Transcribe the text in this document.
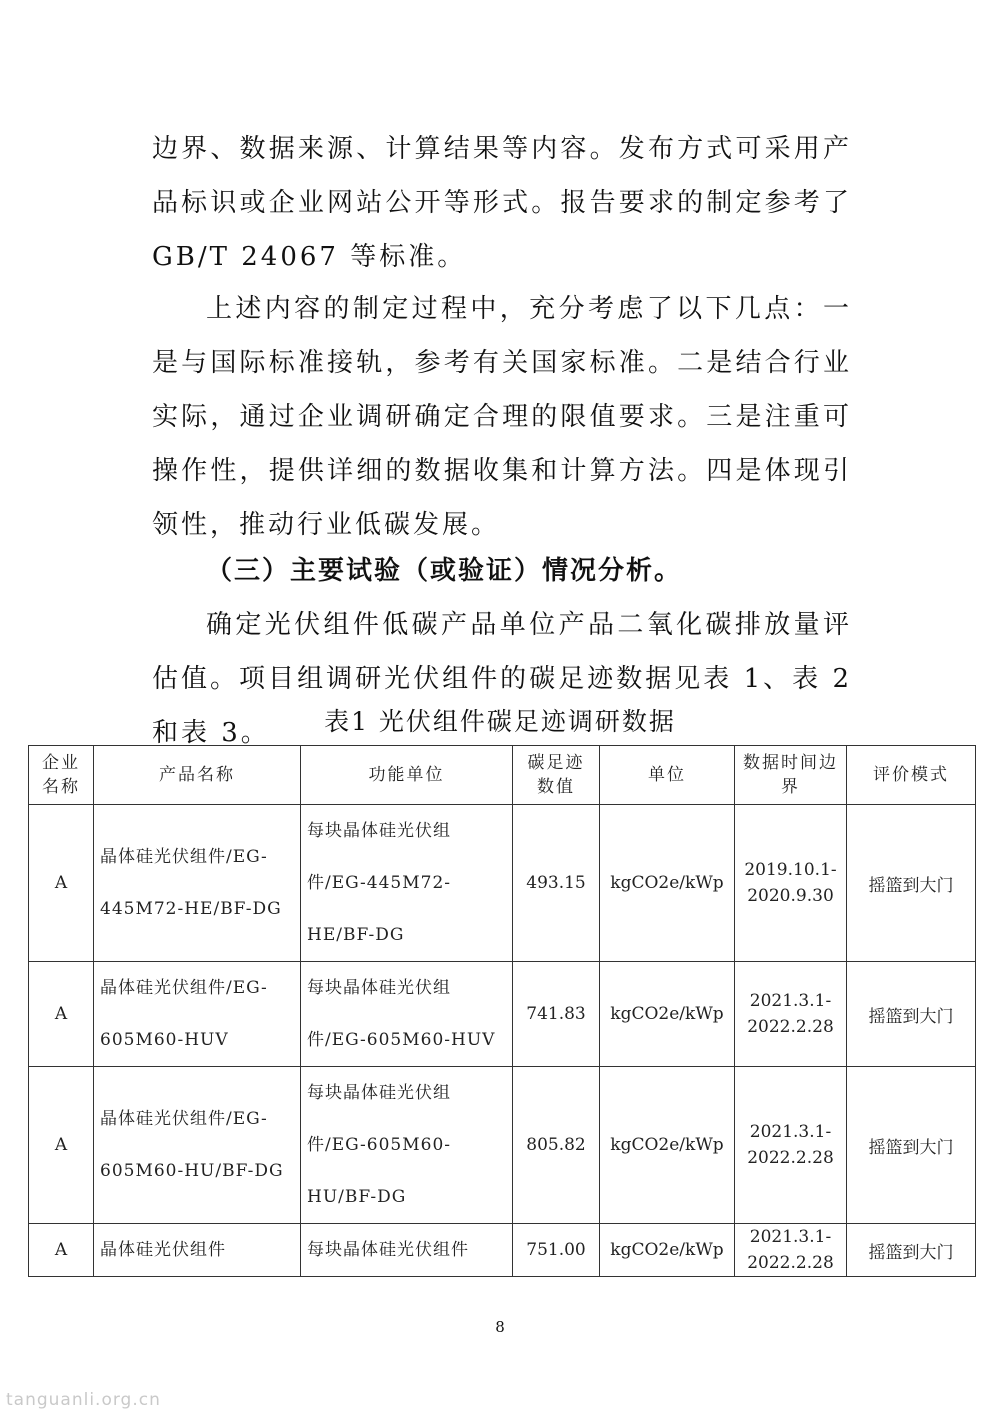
边界、数据来源、计算结果等内容。发布方式可采用产品标识或企业网站公开等形式。报告要求的制定参考了 GB/T 24067 等标准。

上述内容的制定过程中，充分考虑了以下几点：一是与国际标准接轨，参考有关国家标准。二是结合行业实际，通过企业调研确定合理的限值要求。三是注重可操作性，提供详细的数据收集和计算方法。四是体现引领性，推动行业低碳发展。

（三）主要试验（或验证）情况分析。

确定光伏组件低碳产品单位产品二氧化碳排放量评估值。项目组调研光伏组件的碳足迹数据见表 1、表 2 和表 3。	表1 光伏组件碳足迹调研数据
企业名称	产品名称	功能单位	碳足迹数值	单位	数据时间边界	评价模式
A	晶体硅光伏组件/EG-445M72-HE/BF-DG	每块晶体硅光伏组件/EG-445M72-HE/BF-DG	493.15	kgCO2e/kWp	2019.10.1-2020.9.30	摇篮到大门
A	晶体硅光伏组件/EG-605M60-HUV	每块晶体硅光伏组件/EG-605M60-HUV	741.83	kgCO2e/kWp	2021.3.1-2022.2.28	摇篮到大门
A	晶体硅光伏组件/EG-605M60-HU/BF-DG	每块晶体硅光伏组件/EG-605M60-HU/BF-DG	805.82	kgCO2e/kWp	2021.3.1-2022.2.28	摇篮到大门
A	晶体硅光伏组件	每块晶体硅光伏组件	751.00	kgCO2e/kWp	2021.3.1-2022.2.28	摇篮到大门
8
tanguanli.org.cn
